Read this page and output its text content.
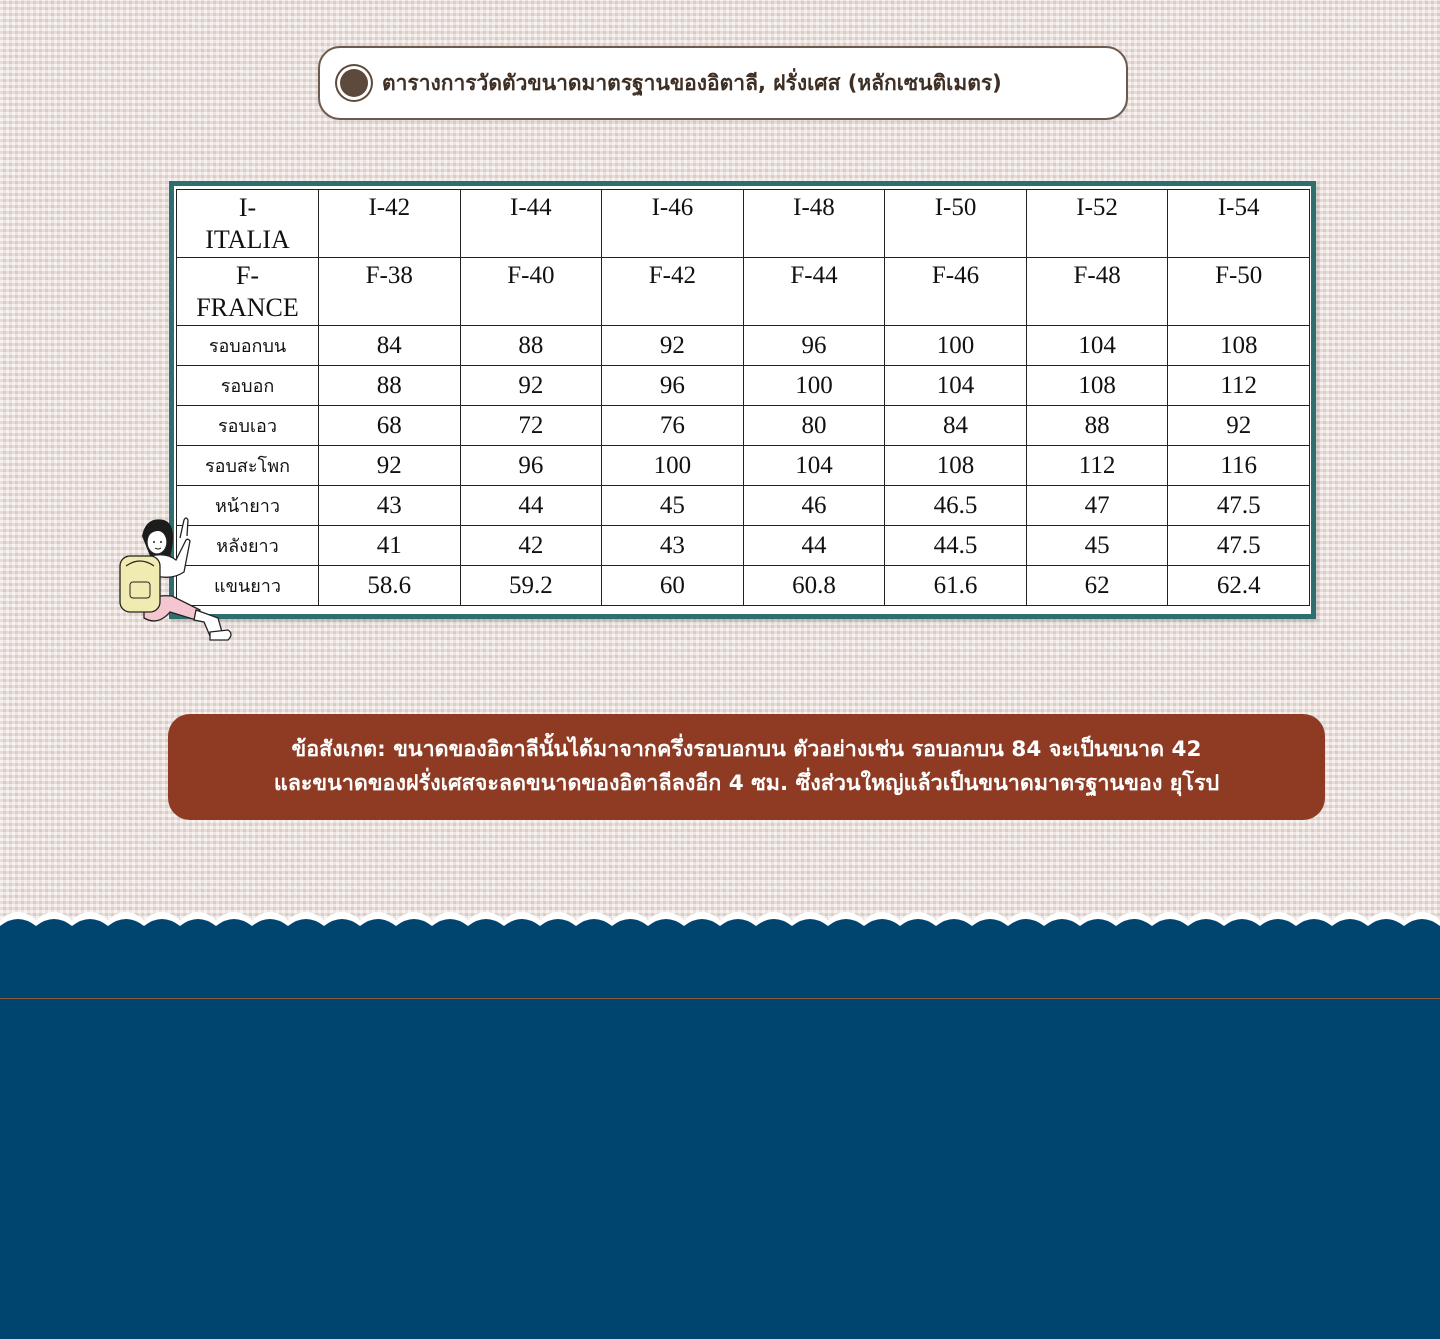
ตารางการวัดตัวขนาดมาตรฐานของอิตาลี, ฝรั่งเศส (หลักเซนติเมตร)
I-
ITALIA	I-42	I-44	I-46	I-48	I-50	I-52	I-54
F-
FRANCE	F-38	F-40	F-42	F-44	F-46	F-48	F-50
รอบอกบน	84	88	92	96	100	104	108
รอบอก	88	92	96	100	104	108	112
รอบเอว	68	72	76	80	84	88	92
รอบสะโพก	92	96	100	104	108	112	116
หน้ายาว	43	44	45	46	46.5	47	47.5
หลังยาว	41	42	43	44	44.5	45	47.5
แขนยาว	58.6	59.2	60	60.8	61.6	62	62.4
ข้อสังเกต: ขนาดของอิตาลีนั้นได้มาจากครึ่งรอบอกบน ตัวอย่างเช่น รอบอกบน 84 จะเป็นขนาด 42
และขนาดของฝรั่งเศสจะลดขนาดของอิตาลีลงอีก 4 ซม. ซึ่งส่วนใหญ่แล้วเป็นขนาดมาตรฐานของ ยุโรป
